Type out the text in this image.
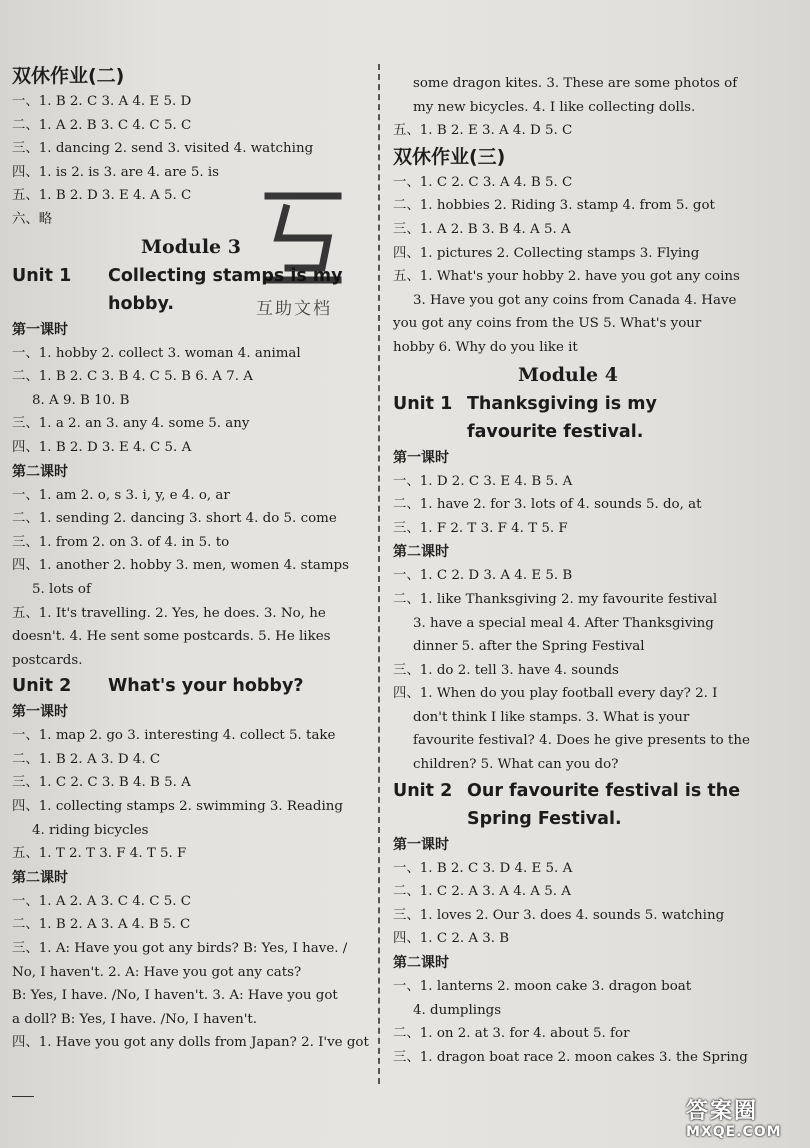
双休作业(二)
一、1. B 2. C 3. A 4. E 5. D
二、1. A 2. B 3. C 4. C 5. C
三、1. dancing 2. send 3. visited 4. watching
四、1. is 2. is 3. are 4. are 5. is
五、1. B 2. D 3. E 4. A 5. C
六、略
Module 3
Unit 1	Collecting stamps is my hobby.
第一课时
一、1. hobby 2. collect 3. woman 4. animal
二、1. B 2. C 3. B 4. C 5. B 6. A 7. A
8. A 9. B 10. B
三、1. a 2. an 3. any 4. some 5. any
四、1. B 2. D 3. E 4. C 5. A
第二课时
一、1. am 2. o, s 3. i, y, e 4. o, ar
二、1. sending 2. dancing 3. short 4. do 5. come
三、1. from 2. on 3. of 4. in 5. to
四、1. another 2. hobby 3. men, women 4. stamps
5. lots of
五、1. It's travelling. 2. Yes, he does. 3. No, he
doesn't. 4. He sent some postcards. 5. He likes
postcards.
Unit 2	What's your hobby?
第一课时
一、1. map 2. go 3. interesting 4. collect 5. take
二、1. B 2. A 3. D 4. C
三、1. C 2. C 3. B 4. B 5. A
四、1. collecting stamps 2. swimming 3. Reading
4. riding bicycles
五、1. T 2. T 3. F 4. T 5. F
第二课时
一、1. A 2. A 3. C 4. C 5. C
二、1. B 2. A 3. A 4. B 5. C
三、1. A: Have you got any birds? B: Yes, I have. /
No, I haven't. 2. A: Have you got any cats?
B: Yes, I have. /No, I haven't. 3. A: Have you got
a doll? B: Yes, I have. /No, I haven't.
四、1. Have you got any dolls from Japan? 2. I've got
some dragon kites. 3. These are some photos of
my new bicycles. 4. I like collecting dolls.
五、1. B 2. E 3. A 4. D 5. C
双休作业(三)
一、1. C 2. C 3. A 4. B 5. C
二、1. hobbies 2. Riding 3. stamp 4. from 5. got
三、1. A 2. B 3. B 4. A 5. A
四、1. pictures 2. Collecting stamps 3. Flying
五、1. What's your hobby 2. have you got any coins
3. Have you got any coins from Canada 4. Have
you got any coins from the US 5. What's your
hobby 6. Why do you like it
Module 4
Unit 1 Thanksgiving is my favourite festival.
第一课时
一、1. D 2. C 3. E 4. B 5. A
二、1. have 2. for 3. lots of 4. sounds 5. do, at
三、1. F 2. T 3. F 4. T 5. F
第二课时
一、1. C 2. D 3. A 4. E 5. B
二、1. like Thanksgiving 2. my favourite festival
3. have a special meal 4. After Thanksgiving
dinner 5. after the Spring Festival
三、1. do 2. tell 3. have 4. sounds
四、1. When do you play football every day? 2. I
don't think I like stamps. 3. What is your
favourite festival? 4. Does he give presents to the
children? 5. What can you do?
Unit 2 Our favourite festival is the Spring Festival.
第一课时
一、1. B 2. C 3. D 4. E 5. A
二、1. C 2. A 3. A 4. A 5. A
三、1. loves 2. Our 3. does 4. sounds 5. watching
四、1. C 2. A 3. B
第二课时
一、1. lanterns 2. moon cake 3. dragon boat
4. dumplings
二、1. on 2. at 3. for 4. about 5. for
三、1. dragon boat race 2. moon cakes 3. the Spring
互助文档
答案圈
MXQE.COM
